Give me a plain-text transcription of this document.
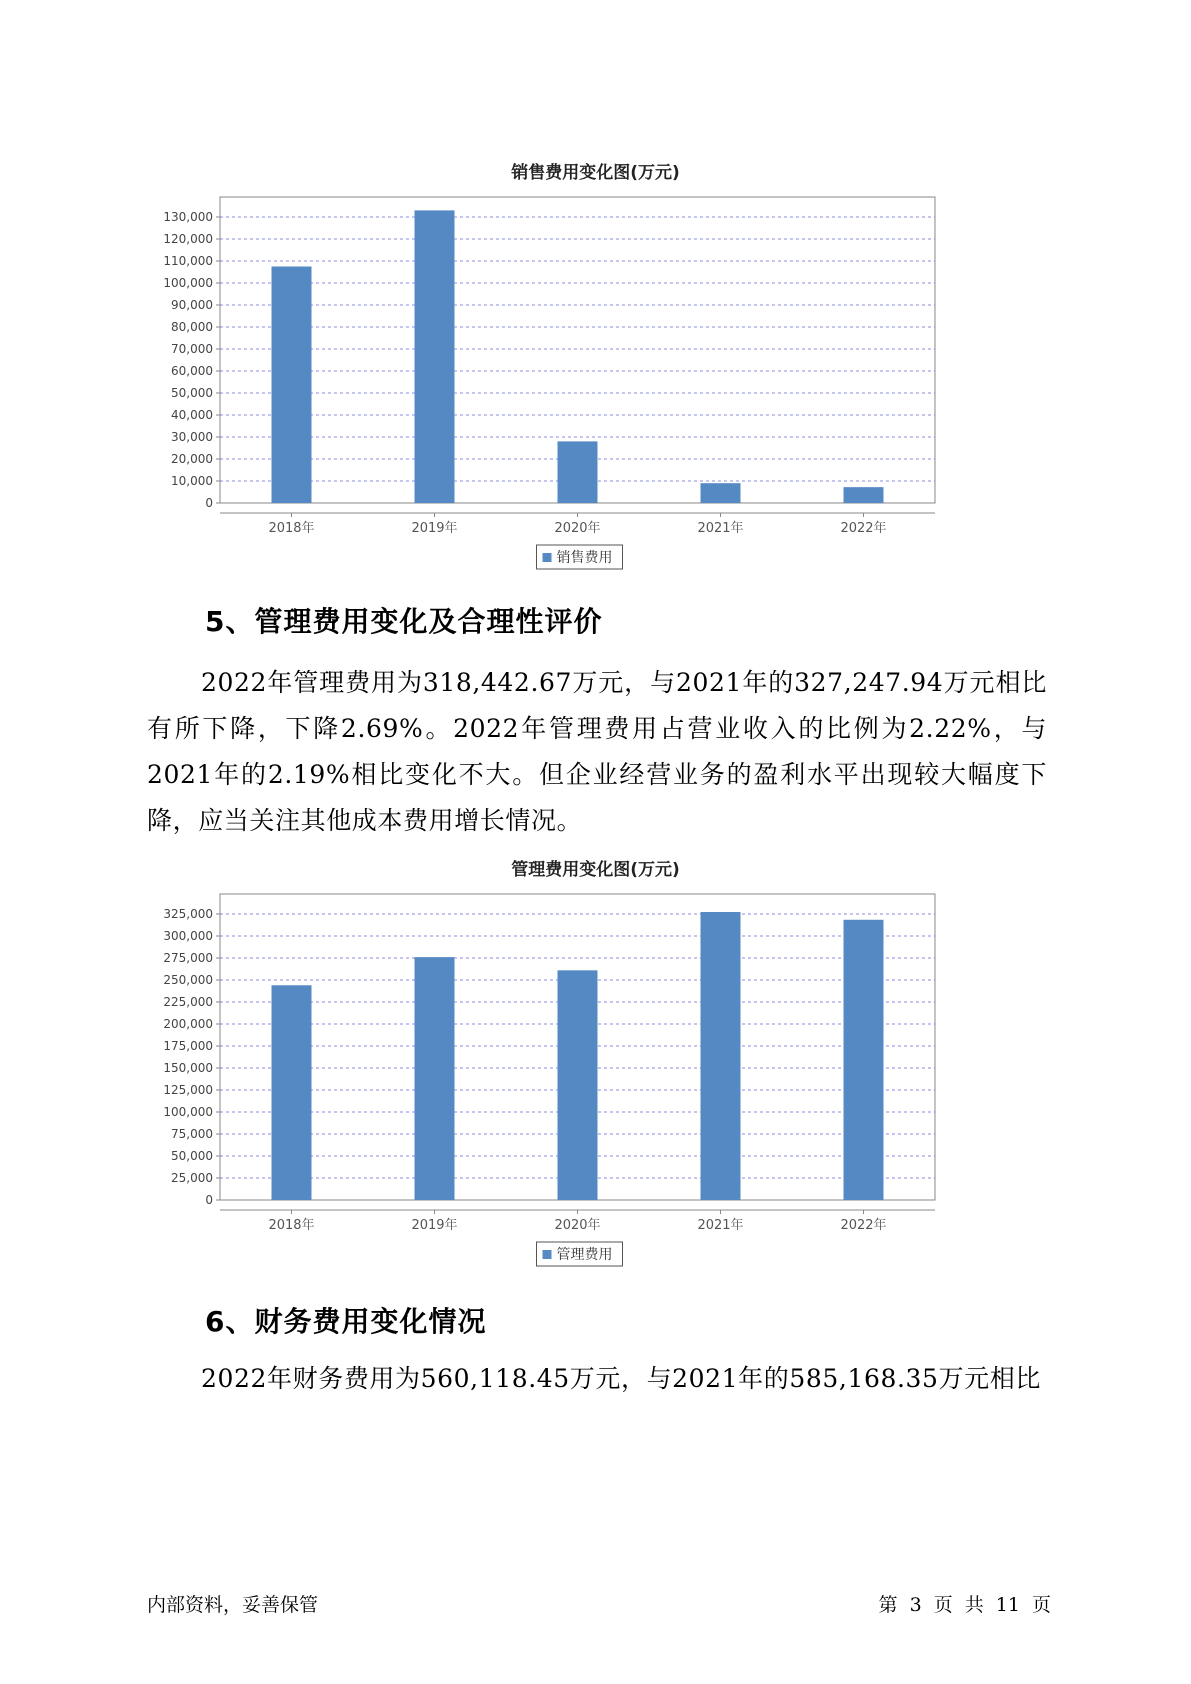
销售费用变化图(万元)
0
10,000
20,000
30,000
40,000
50,000
60,000
70,000
80,000
90,000
100,000
110,000
120,000
130,000
2018年	2019年	2020年	2021年	2022年
销售费用
5、管理费用变化及合理性评价
2022年管理费用为318,442.67万元，与2021年的327,247.94万元相比有所下降，下降2.69%。2022年管理费用占营业收入的比例为2.22%，与2021年的2.19%相比变化不大。但企业经营业务的盈利水平出现较大幅度下降，应当关注其他成本费用增长情况。
管理费用变化图(万元)
0
25,000
50,000
75,000
100,000
125,000
150,000
175,000
200,000
225,000
250,000
275,000
300,000
325,000
2018年	2019年	2020年	2021年	2022年
管理费用
6、财务费用变化情况
2022年财务费用为560,118.45万元，与2021年的585,168.35万元相比
内部资料，妥善保管	第 3 页 共 11 页
